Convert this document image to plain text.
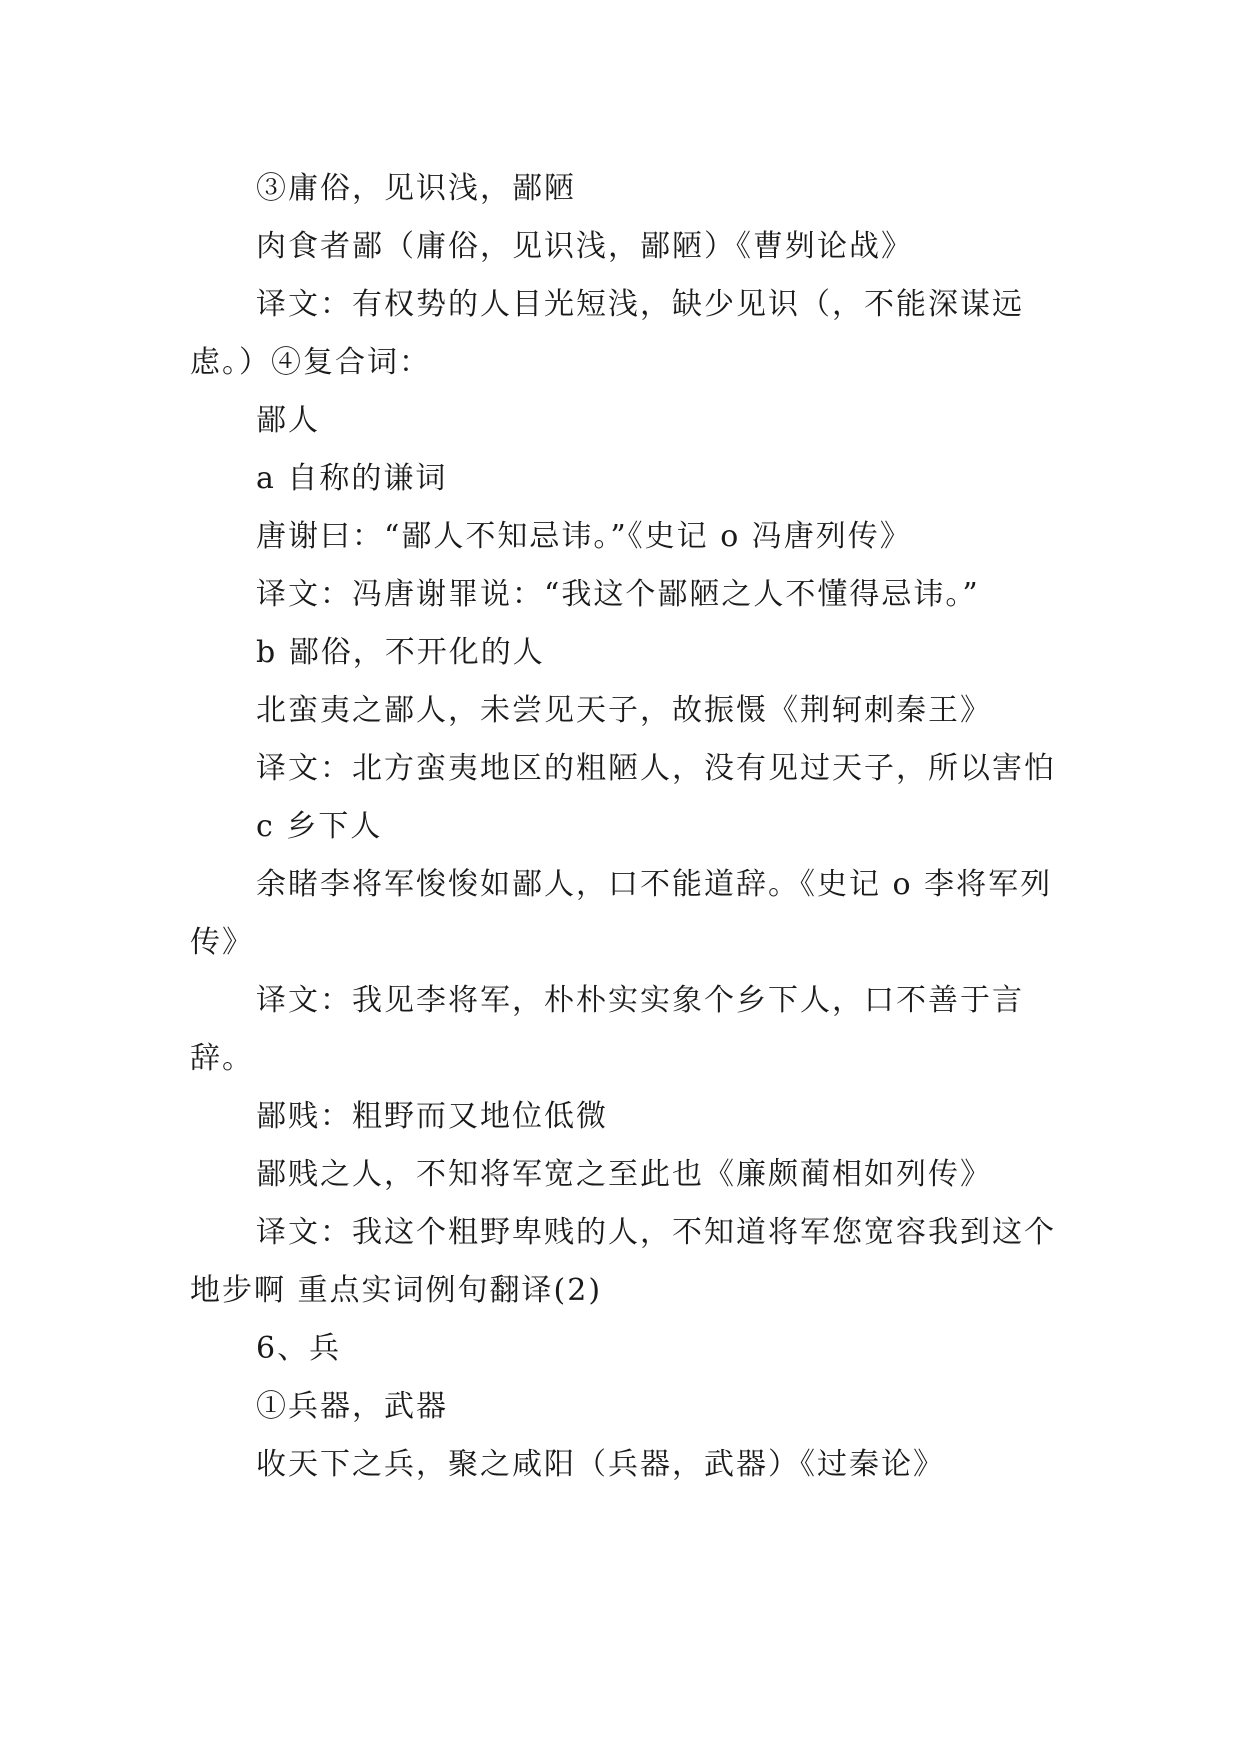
③庸俗，见识浅，鄙陋

肉食者鄙（庸俗，见识浅，鄙陋）《曹刿论战》

译文：有权势的人目光短浅，缺少见识（，不能深谋远虑。）④复合词：

鄙人

a 自称的谦词

唐谢曰：“鄙人不知忌讳。”《史记 o 冯唐列传》

译文：冯唐谢罪说：“我这个鄙陋之人不懂得忌讳。”

b 鄙俗，不开化的人

北蛮夷之鄙人，未尝见天子，故振慑《荆轲刺秦王》

译文：北方蛮夷地区的粗陋人，没有见过天子，所以害怕

c 乡下人

余睹李将军悛悛如鄙人，口不能道辞。《史记 o 李将军列传》

译文：我见李将军，朴朴实实象个乡下人，口不善于言辞。

鄙贱：粗野而又地位低微

鄙贱之人，不知将军宽之至此也《廉颇蔺相如列传》

译文：我这个粗野卑贱的人，不知道将军您宽容我到这个地步啊 重点实词例句翻译(2)

6、兵

①兵器，武器

收天下之兵，聚之咸阳（兵器，武器）《过秦论》
